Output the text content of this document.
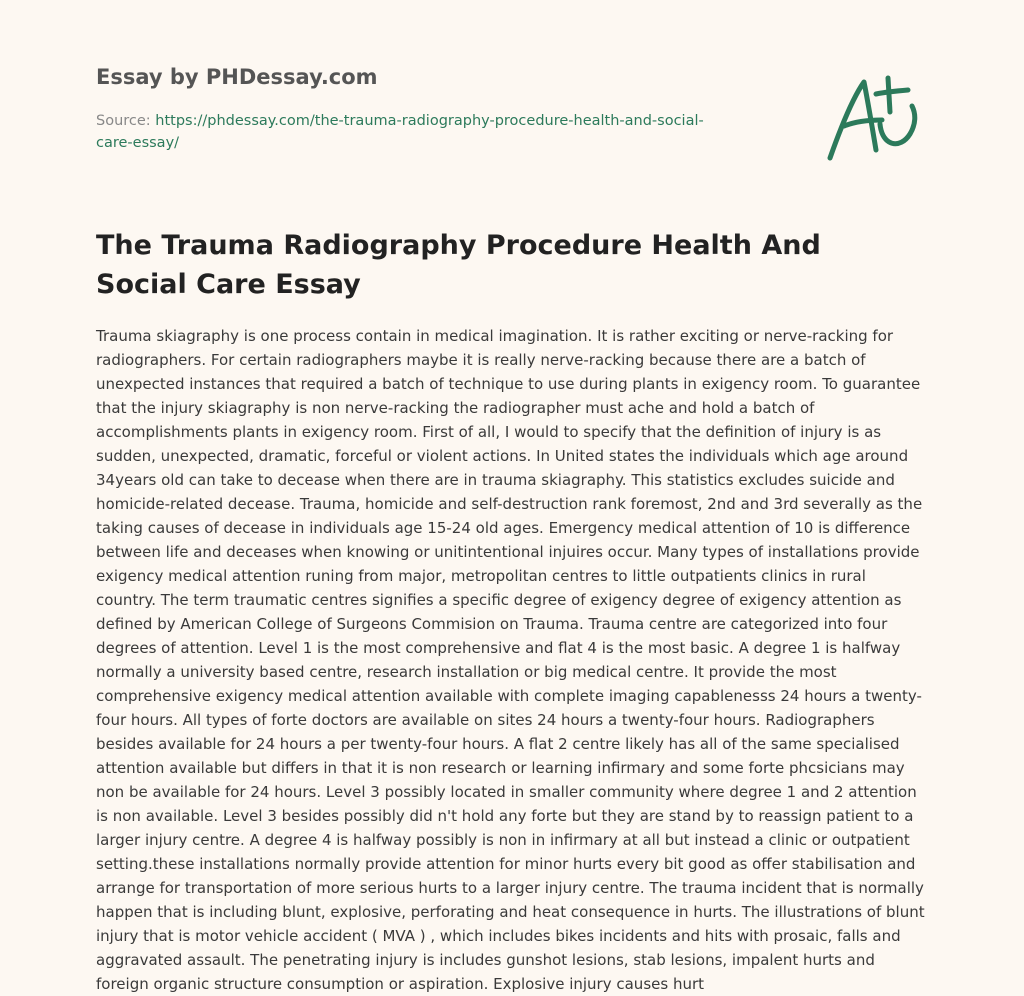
Essay by PHDessay.com

Source: https://phdessay.com/the-trauma-radiography-procedure-health-and-social-care-essay/
The Trauma Radiography Procedure Health And Social Care Essay

Trauma skiagraphy is one process contain in medical imagination. It is rather exciting or nerve-racking for radiographers. For certain radiographers maybe it is really nerve-racking because there are a batch of unexpected instances that required a batch of technique to use during plants in exigency room. To guarantee that the injury skiagraphy is non nerve-racking the radiographer must ache and hold a batch of accomplishments plants in exigency room. First of all, I would to specify that the definition of injury is as sudden, unexpected, dramatic, forceful or violent actions. In United states the individuals which age around 34years old can take to decease when there are in trauma skiagraphy. This statistics excludes suicide and homicide-related decease. Trauma, homicide and self-destruction rank foremost, 2nd and 3rd severally as the taking causes of decease in individuals age 15-24 old ages. Emergency medical attention of 10 is difference between life and deceases when knowing or unitintentional injuires occur. Many types of installations provide exigency medical attention runing from major, metropolitan centres to little outpatients clinics in rural country. The term traumatic centres signifies a specific degree of exigency degree of exigency attention as defined by American College of Surgeons Commision on Trauma. Trauma centre are categorized into four degrees of attention. Level 1 is the most comprehensive and flat 4 is the most basic. A degree 1 is halfway normally a university based centre, research installation or big medical centre. It provide the most comprehensive exigency medical attention available with complete imaging capablenesss 24 hours a twenty-four hours. All types of forte doctors are available on sites 24 hours a twenty-four hours. Radiographers besides available for 24 hours a per twenty-four hours. A flat 2 centre likely has all of the same specialised attention available but differs in that it is non research or learning infirmary and some forte phcsicians may non be available for 24 hours. Level 3 possibly located in smaller community where degree 1 and 2 attention is non available. Level 3 besides possibly did n't hold any forte but they are stand by to reassign patient to a larger injury centre. A degree 4 is halfway possibly is non in infirmary at all but instead a clinic or outpatient setting.these installations normally provide attention for minor hurts every bit good as offer stabilisation and arrange for transportation of more serious hurts to a larger injury centre. The trauma incident that is normally happen that is including blunt, explosive, perforating and heat consequence in hurts. The illustrations of blunt injury that is motor vehicle accident ( MVA ) , which includes bikes incidents and hits with prosaic, falls and aggravated assault. The penetrating injury is includes gunshot lesions, stab lesions, impalent hurts and foreign organic structure consumption or aspiration. Explosive injury causes hurt
